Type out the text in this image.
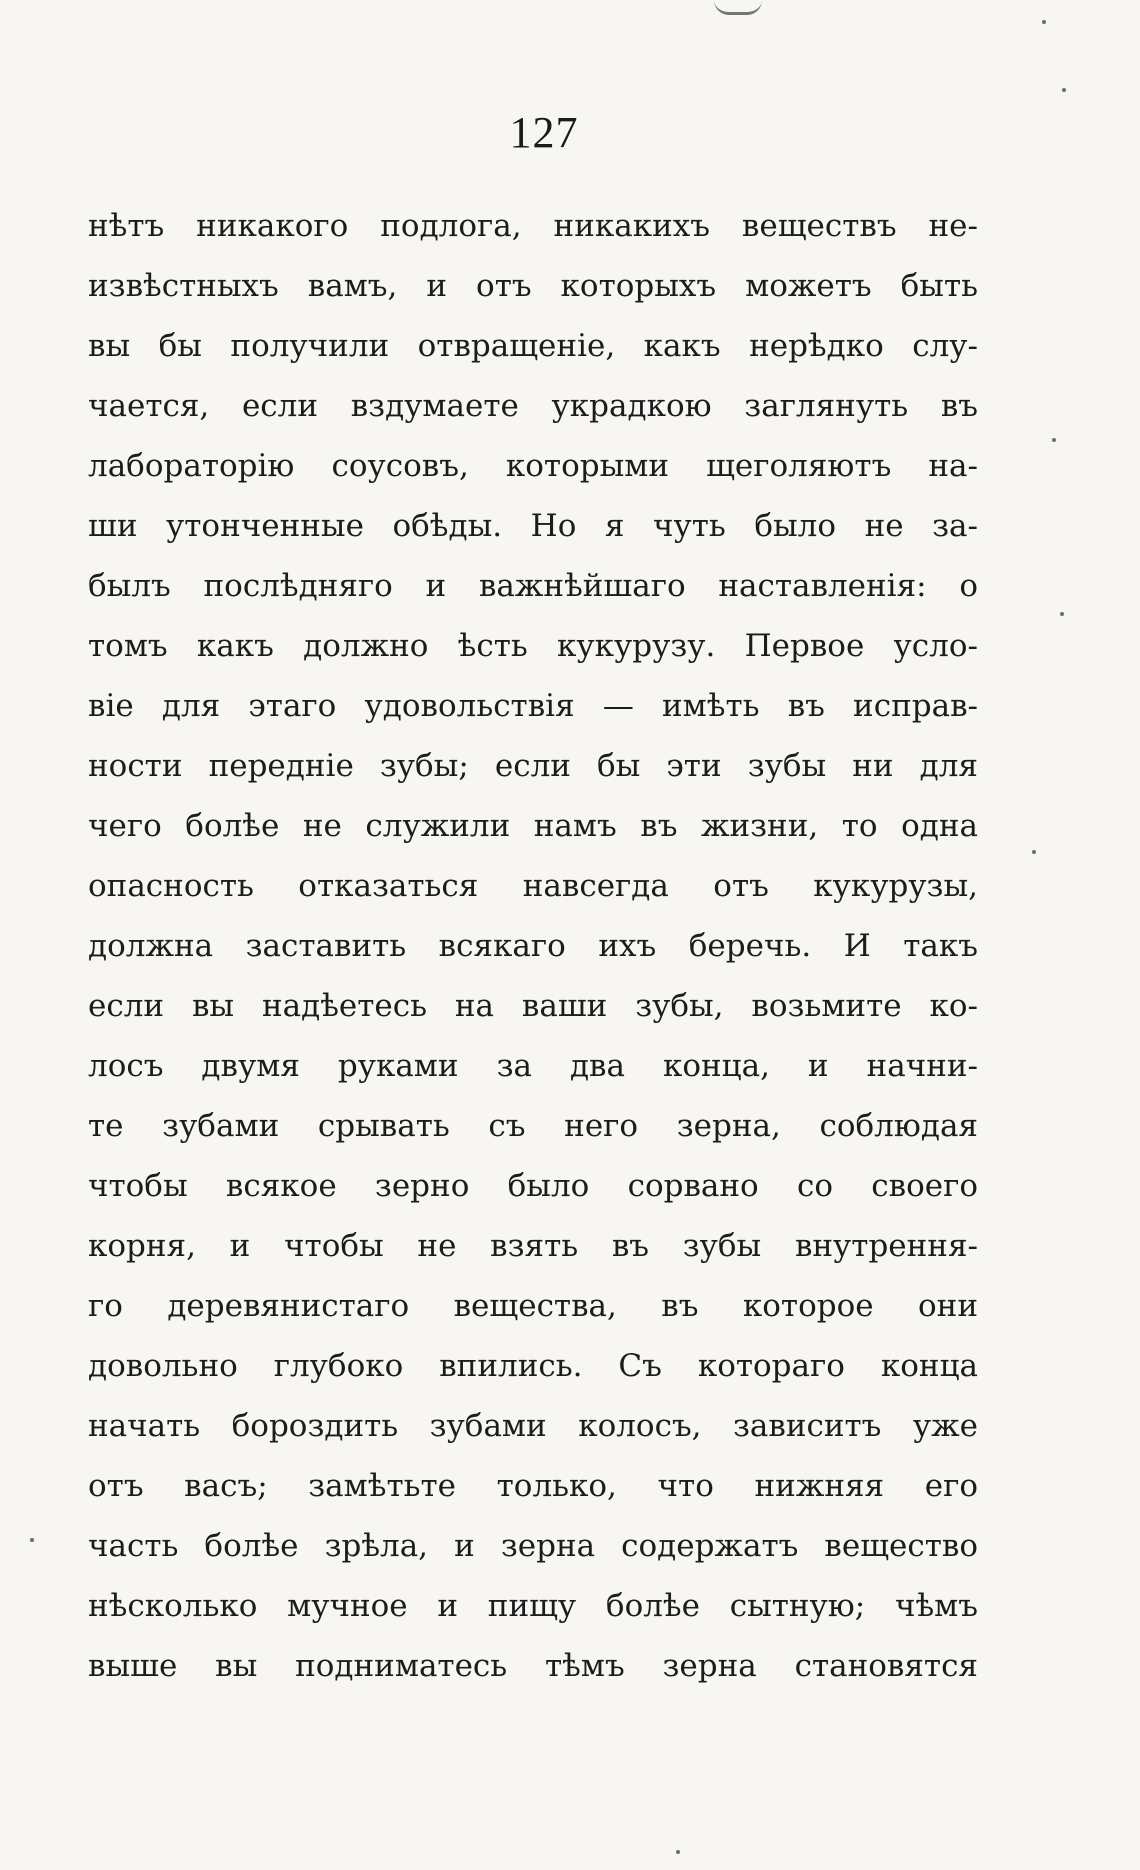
127
нѣтъ никакого подлога, никакихъ веществъ не-
извѣстныхъ вамъ, и отъ которыхъ можетъ быть
вы бы получили отвращеніе, какъ нерѣдко слу-
чается, если вздумаете украдкою заглянуть въ
лабораторію соусовъ, которыми щеголяютъ на-
ши утонченные обѣды. Но я чуть было не за-
былъ послѣдняго и важнѣйшаго наставленія: о
томъ какъ должно ѣсть кукурузу. Первое усло-
віе для этаго удовольствія — имѣть въ исправ-
ности передніе зубы; если бы эти зубы ни для
чего болѣе не служили намъ въ жизни, то одна
опасность отказаться навсегда отъ кукурузы,
должна заставить всякаго ихъ беречь. И такъ
если вы надѣетесь на ваши зубы, возьмите ко-
лосъ двумя руками за два конца, и начни-
те зубами срывать съ него зерна, соблюдая
чтобы всякое зерно было сорвано со своего
корня, и чтобы не взять въ зубы внутрення-
го деревянистаго вещества, въ которое они
довольно глубоко впились. Съ котораго конца
начать бороздить зубами колосъ, зависитъ уже
отъ васъ; замѣтьте только, что нижняя его
часть болѣе зрѣла, и зерна содержатъ вещество
нѣсколько мучное и пищу болѣе сытную; чѣмъ
выше вы подниматесь тѣмъ зерна становятся
